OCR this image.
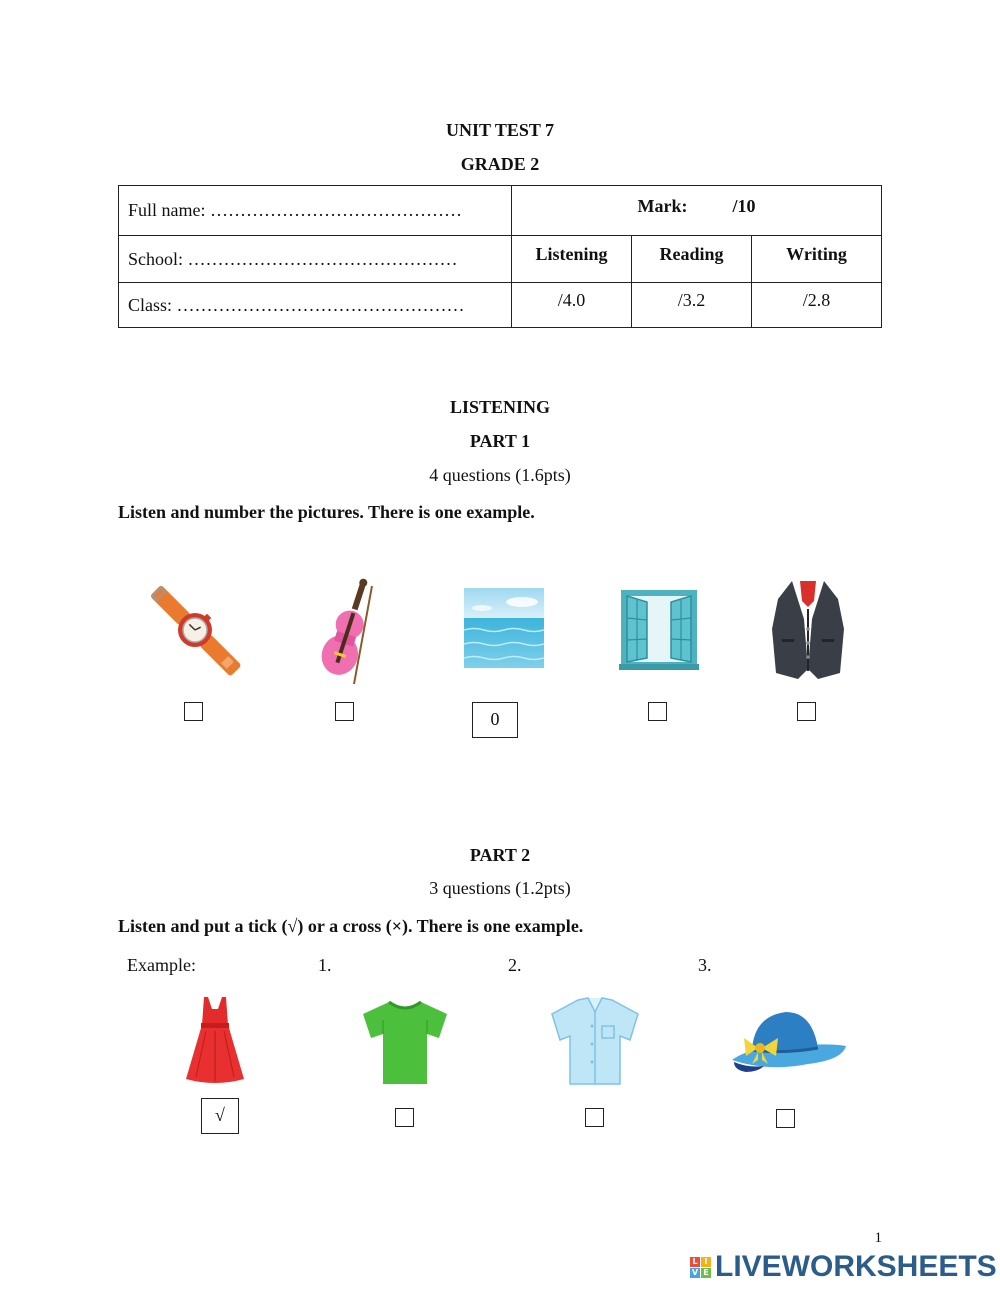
UNIT TEST 7
GRADE 2
Full name: ……………………………………	Mark: /10		
School: ………………………………………	Listening	Reading	Writing
Class: …………………………………………	/4.0	/3.2	/2.8
LISTENING
PART 1
4 questions (1.6pts)
Listen and number the pictures. There is one example.
0
PART 2
3 questions (1.2pts)
Listen and put a tick (√) or a cross (×). There is one example.
Example:	1.	2.	3.
√
1
L I
V E LIVEWORKSHEETS
